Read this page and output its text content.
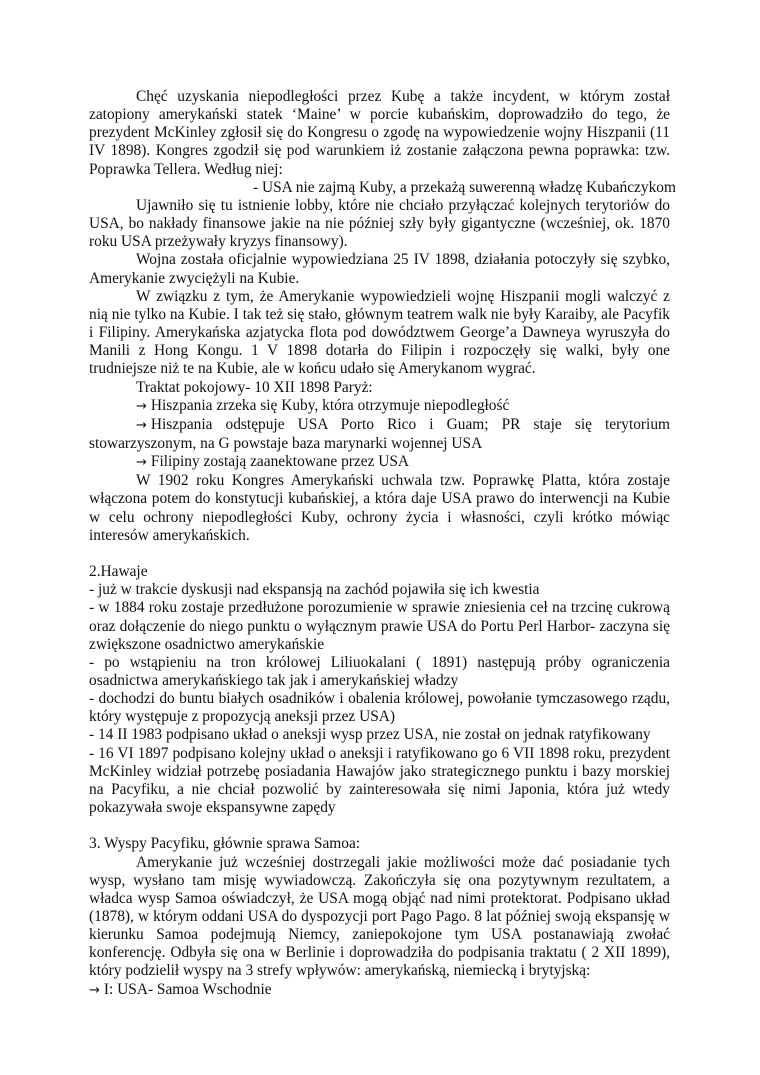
Chęć uzyskania niepodległości przez Kubę a także incydent, w którym został zatopiony amerykański statek ‘Maine’ w porcie kubańskim, doprowadziło do tego, że prezydent McKinley zgłosił się do Kongresu o zgodę na wypowiedzenie wojny Hiszpanii (11 IV 1898). Kongres zgodził się pod warunkiem iż zostanie załączona pewna poprawka: tzw. Poprawka Tellera. Według niej:

- USA nie zajmą Kuby, a przekażą suwerenną władzę Kubańczykom

Ujawniło się tu istnienie lobby, które nie chciało przyłączać kolejnych terytoriów do USA, bo nakłady finansowe jakie na nie później szły były gigantyczne (wcześniej, ok. 1870 roku USA przeżywały kryzys finansowy).

Wojna została oficjalnie wypowiedziana 25 IV 1898, działania potoczyły się szybko, Amerykanie zwyciężyli na Kubie.

W związku z tym, że Amerykanie wypowiedzieli wojnę Hiszpanii mogli walczyć z nią nie tylko na Kubie. I tak też się stało, głównym teatrem walk nie były Karaiby, ale Pacyfik i Filipiny. Amerykańska azjatycka flota pod dowództwem George’a Dawneya wyruszyła do Manili z Hong Kongu. 1 V 1898 dotarła do Filipin i rozpoczęły się walki, były one trudniejsze niż te na Kubie, ale w końcu udało się Amerykanom wygrać.

Traktat pokojowy- 10 XII 1898 Paryż:

→ Hiszpania zrzeka się Kuby, która otrzymuje niepodległość

→ Hiszpania odstępuje USA Porto Rico i Guam; PR staje się terytorium stowarzyszonym, na G powstaje baza marynarki wojennej USA

→ Filipiny zostają zaanektowane przez USA

W 1902 roku Kongres Amerykański uchwala tzw. Poprawkę Platta, która zostaje włączona potem do konstytucji kubańskiej, a która daje USA prawo do interwencji na Kubie w celu ochrony niepodległości Kuby, ochrony życia i własności, czyli krótko mówiąc interesów amerykańskich.

2.Hawaje

- już w trakcie dyskusji nad ekspansją na zachód pojawiła się ich kwestia

- w 1884 roku zostaje przedłużone porozumienie w sprawie zniesienia ceł na trzcinę cukrową oraz dołączenie do niego punktu o wyłącznym prawie USA do Portu Perl Harbor- zaczyna się zwiększone osadnictwo amerykańskie

- po wstąpieniu na tron królowej Liliuokalani ( 1891) następują próby ograniczenia osadnictwa amerykańskiego tak jak i amerykańskiej władzy

- dochodzi do buntu białych osadników i obalenia królowej, powołanie tymczasowego rządu, który występuje z propozycją aneksji przez USA)

- 14 II 1983 podpisano układ o aneksji wysp przez USA, nie został on jednak ratyfikowany

- 16 VI 1897 podpisano kolejny układ o aneksji i ratyfikowano go 6 VII 1898 roku, prezydent McKinley widział potrzebę posiadania Hawajów jako strategicznego punktu i bazy morskiej na Pacyfiku, a nie chciał pozwolić by zainteresowała się nimi Japonia, która już wtedy pokazywała swoje ekspansywne zapędy

3. Wyspy Pacyfiku, głównie sprawa Samoa:

Amerykanie już wcześniej dostrzegali jakie możliwości może dać posiadanie tych wysp, wysłano tam misję wywiadowczą. Zakończyła się ona pozytywnym rezultatem, a władca wysp Samoa oświadczył, że USA mogą objąć nad nimi protektorat. Podpisano układ (1878), w którym oddani USA do dyspozycji port Pago Pago. 8 lat później swoją ekspansję w kierunku Samoa podejmują Niemcy, zaniepokojone tym USA postanawiają zwołać konferencję. Odbyła się ona w Berlinie i doprowadziła do podpisania traktatu ( 2 XII 1899), który podzielił wyspy na 3 strefy wpływów: amerykańską, niemiecką i brytyjską:

→ I: USA- Samoa Wschodnie
